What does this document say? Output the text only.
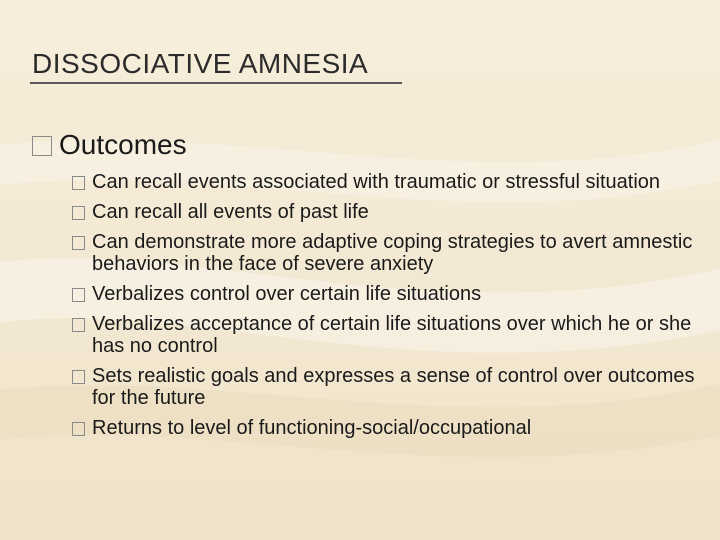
DISSOCIATIVE AMNESIA
Outcomes
Can recall events associated with traumatic or stressful situation
Can recall all events of past life
Can demonstrate more adaptive coping strategies to avert amnestic behaviors in the face of severe anxiety
Verbalizes control over certain life situations
Verbalizes acceptance of certain life situations over which he or she has no control
Sets realistic goals and expresses a sense of control over outcomes for the future
Returns to level of functioning-social/occupational
